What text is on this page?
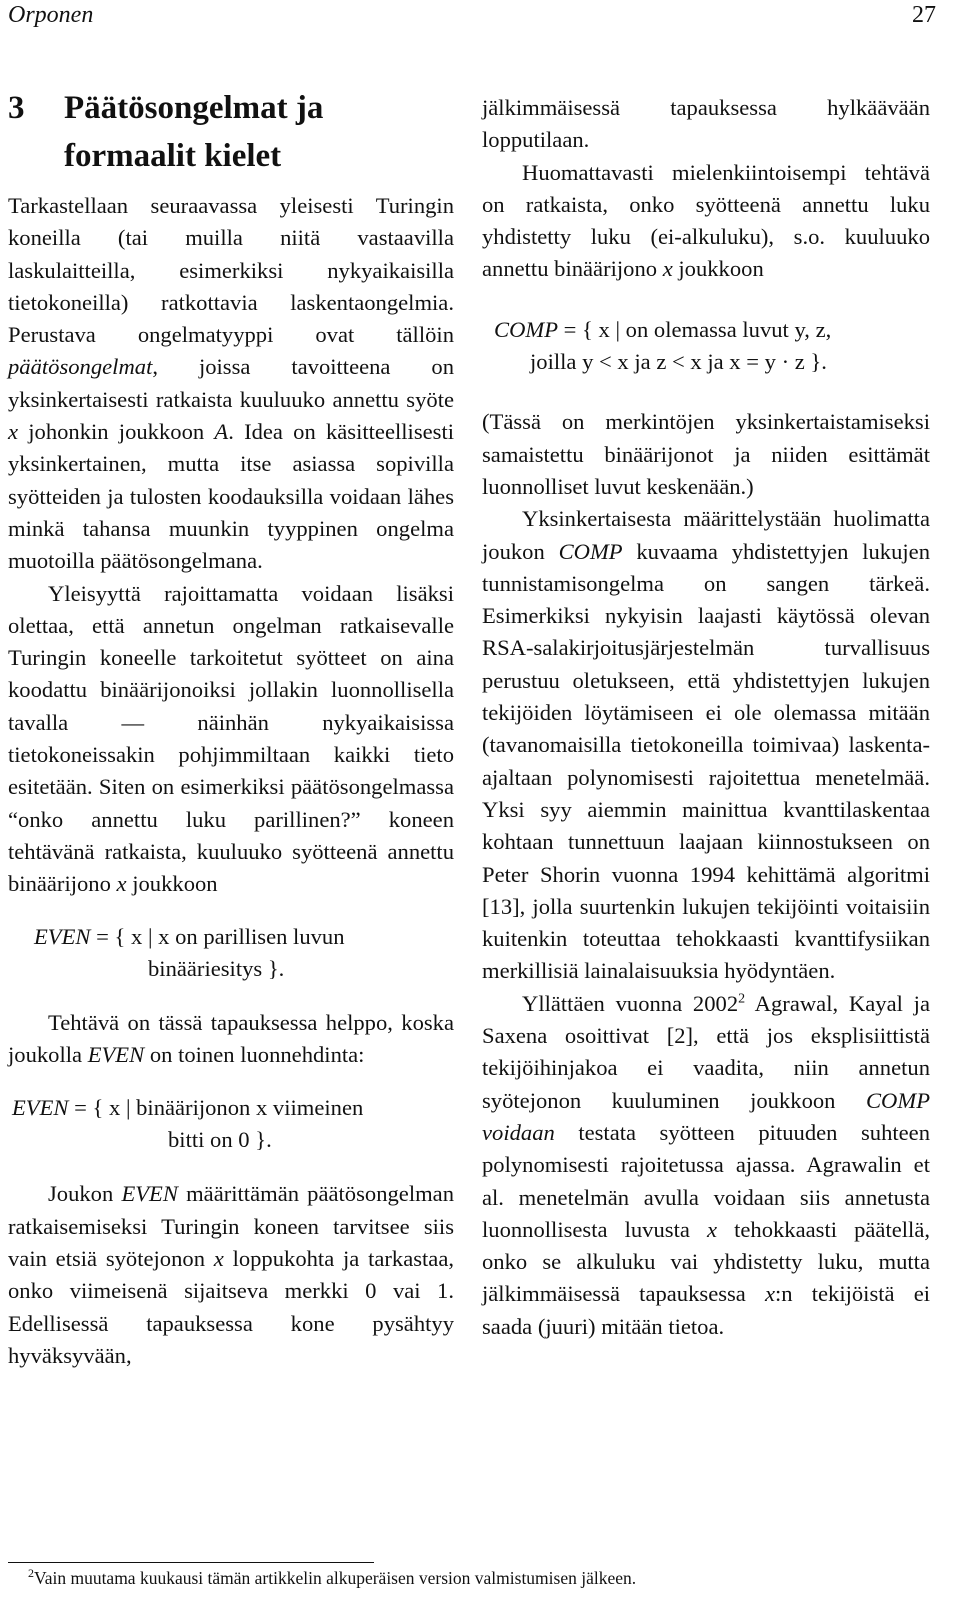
Orponen	27
3	Päätösongelmat ja formaalit kielet

Tarkastellaan seuraavassa yleisesti Turingin koneilla (tai muilla niitä vastaavilla laskulaitteilla, esimerkiksi nykyaikaisilla tietokoneilla) ratkottavia laskentaongelmia. Perustava ongelmatyyppi ovat tällöin päätösongelmat, joissa tavoitteena on yksinkertaisesti ratkaista kuuluuko annettu syöte x johonkin joukkoon A. Idea on käsitteellisesti yksinkertainen, mutta itse asiassa sopivilla syötteiden ja tulosten koodauksilla voidaan lähes minkä tahansa muunkin tyyppinen ongelma muotoilla päätösongelmana.

Yleisyyttä rajoittamatta voidaan lisäksi olettaa, että annetun ongelman ratkaisevalle Turingin koneelle tarkoitetut syötteet on aina koodattu binäärijonoiksi jollakin luonnollisella tavalla — näinhän nykyaikaisissa tietokoneissakin pohjimmiltaan kaikki tieto esitetään. Siten on esimerkiksi päätösongelmassa “onko annettu luku parillinen?” koneen tehtävänä ratkaista, kuuluuko syötteenä annettu binäärijono x joukkoon

EVEN = { x | x on parillisen luvun
binääriesitys }.

Tehtävä on tässä tapauksessa helppo, koska joukolla EVEN on toinen luonnehdinta:

EVEN = { x | binäärijonon x viimeinen
bitti on 0 }.

Joukon EVEN määrittämän päätösongelman ratkaisemiseksi Turingin koneen tarvitsee siis vain etsiä syötejonon x loppukohta ja tarkastaa, onko viimeisenä sijaitseva merkki 0 vai 1. Edellisessä tapauksessa kone pysähtyy hyväksyvään,

jälkimmäisessä tapauksessa hylkäävään lopputilaan.

Huomattavasti mielenkiintoisempi tehtävä on ratkaista, onko syötteenä annettu luku yhdistetty luku (ei-alkuluku), s.o. kuuluuko annettu binäärijono x joukkoon

COMP = { x | on olemassa luvut y, z,
joilla y < x ja z < x ja x = y · z }.

(Tässä on merkintöjen yksinkertaistamiseksi samaistettu binäärijonot ja niiden esittämät luonnolliset luvut keskenään.)

Yksinkertaisesta määrittelystään huolimatta joukon COMP kuvaama yhdistettyjen lukujen tunnistamisongelma on sangen tärkeä. Esimerkiksi nykyisin laajasti käytössä olevan RSA-salakirjoitusjärjestelmän turvallisuus perustuu oletukseen, että yhdistettyjen lukujen tekijöiden löytämiseen ei ole olemassa mitään (tavanomaisilla tietokoneilla toimivaa) laskenta-ajaltaan polynomisesti rajoitettua menetelmää. Yksi syy aiemmin mainittua kvanttilaskentaa kohtaan tunnettuun laajaan kiinnostukseen on Peter Shorin vuonna 1994 kehittämä algoritmi [13], jolla suurtenkin lukujen tekijöinti voitaisiin kuitenkin toteuttaa tehokkaasti kvanttifysiikan merkillisiä lainalaisuuksia hyödyntäen.

Yllättäen vuonna 2002$^2$ Agrawal, Kayal ja Saxena osoittivat [2], että jos eksplisiittistä tekijöihinjakoa ei vaadita, niin annetun syötejonon kuuluminen joukkoon COMP voidaan testata syötteen pituuden suhteen polynomisesti rajoitetussa ajassa. Agrawalin et al. menetelmän avulla voidaan siis annetusta luonnollisesta luvusta x tehokkaasti päätellä, onko se alkuluku vai yhdistetty luku, mutta jälkimmäisessä tapauksessa x:n tekijöistä ei saada (juuri) mitään tietoa.

$^2$Vain muutama kuukausi tämän artikkelin alkuperäisen version valmistumisen jälkeen.
